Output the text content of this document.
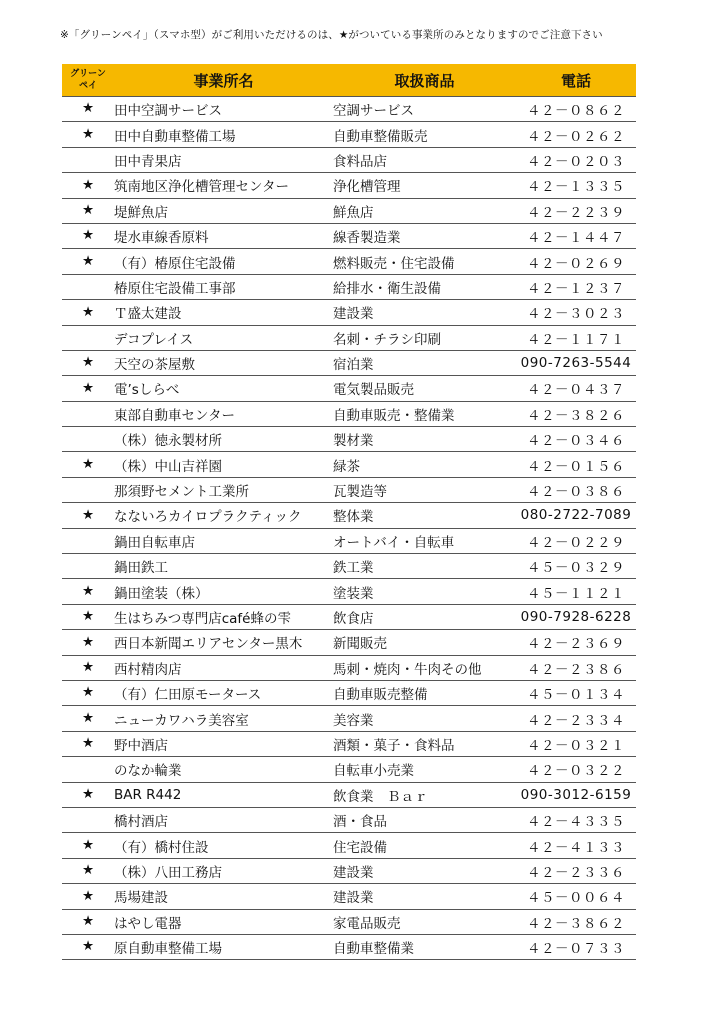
※「グリーンペイ」（スマホ型）がご利用いただけるのは、★がついている事業所のみとなりますのでご注意下さい
グリーン
ペイ	事業所名	取扱商品	電話
★	田中空調サービス	空調サービス	４２－０８６２
★	田中自動車整備工場	自動車整備販売	４２－０２６２
	田中青果店	食料品店	４２－０２０３
★	筑南地区浄化槽管理センター	浄化槽管理	４２－１３３５
★	堤鮮魚店	鮮魚店	４２－２２３９
★	堤水車線香原料	線香製造業	４２－１４４７
★	（有）椿原住宅設備	燃料販売・住宅設備	４２－０２６９
	椿原住宅設備工事部	給排水・衛生設備	４２－１２３７
★	Ｔ盛太建設	建設業	４２－３０２３
	デコプレイス	名刺・チラシ印刷	４２－１１７１
★	天空の茶屋敷	宿泊業	090-7263-5544
★	電’sしらべ	電気製品販売	４２－０４３７
	東部自動車センター	自動車販売・整備業	４２－３８２６
	（株）徳永製材所	製材業	４２－０３４６
★	（株）中山吉祥園	緑茶	４２－０１５６
	那須野セメント工業所	瓦製造等	４２－０３８６
★	なないろカイロプラクティック	整体業	080-2722-7089
	鍋田自転車店	オートバイ・自転車	４２－０２２９
	鍋田鉄工	鉄工業	４５－０３２９
★	鍋田塗装（株）	塗装業	４５－１１２１
★	生はちみつ専門店café蜂の雫	飲食店	090-7928-6228
★	西日本新聞エリアセンター黒木	新聞販売	４２－２３６９
★	西村精肉店	馬刺・焼肉・牛肉その他	４２－２３８６
★	（有）仁田原モータース	自動車販売整備	４５－０１３４
★	ニューカワハラ美容室	美容業	４２－２３３４
★	野中酒店	酒類・菓子・食料品	４２－０３２１
	のなか輪業	自転車小売業	４２－０３２２
★	BAR R442	飲食業　Ｂａｒ	090-3012-6159
	橋村酒店	酒・食品	４２－４３３５
★	（有）橋村住設	住宅設備	４２－４１３３
★	（株）八田工務店	建設業	４２－２３３６
★	馬場建設	建設業	４５－００６４
★	はやし電器	家電品販売	４２－３８６２
★	原自動車整備工場	自動車整備業	４２－０７３３
